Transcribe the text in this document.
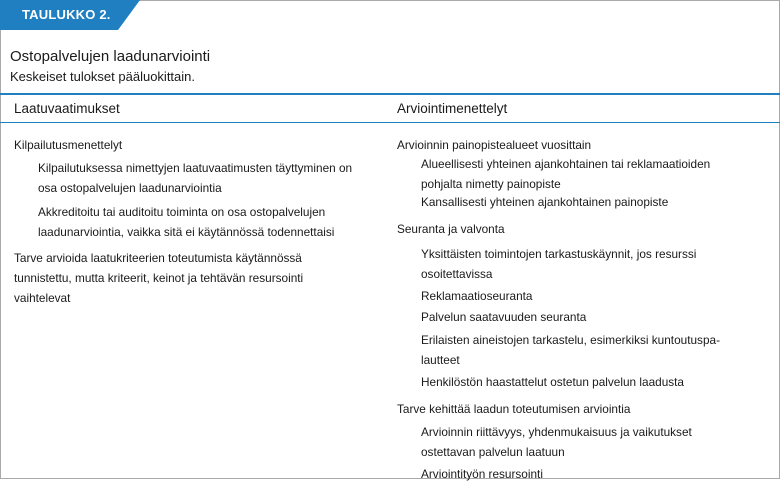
TAULUKKO 2.
Ostopalvelujen laadunarviointi
Keskeiset tulokset pääluokittain.
Laatuvaatimukset	Arviointimenettelyt
Kilpailutusmenettelyt
Kilpailutuksessa nimettyjen laatuvaatimusten täyttyminen on osa ostopalvelujen laadunarviointia
Akkreditoitu tai auditoitu toiminta on osa ostopalvelujen laadunarviointia, vaikka sitä ei käytännössä todennettaisi
Tarve arvioida laatukriteerien toteutumista käytännössä tunnistettu, mutta kriteerit, keinot ja tehtävän resursointi vaihtelevat
Arvioinnin painopistealueet vuosittain
Alueellisesti yhteinen ajankohtainen tai reklamaatioiden pohjalta nimetty painopiste
Kansallisesti yhteinen ajankohtainen painopiste
Seuranta ja valvonta
Yksittäisten toimintojen tarkastuskäynnit, jos resurssi osoitettavissa
Reklamaatioseuranta
Palvelun saatavuuden seuranta
Erilaisten aineistojen tarkastelu, esimerkiksi kuntoutuspalautteet
Henkilöstön haastattelut ostetun palvelun laadusta
Tarve kehittää laadun toteutumisen arviointia
Arvioinnin riittävyys, yhdenmukaisuus ja vaikutukset ostettavan palvelun laatuun
Arviointityön resursointi
